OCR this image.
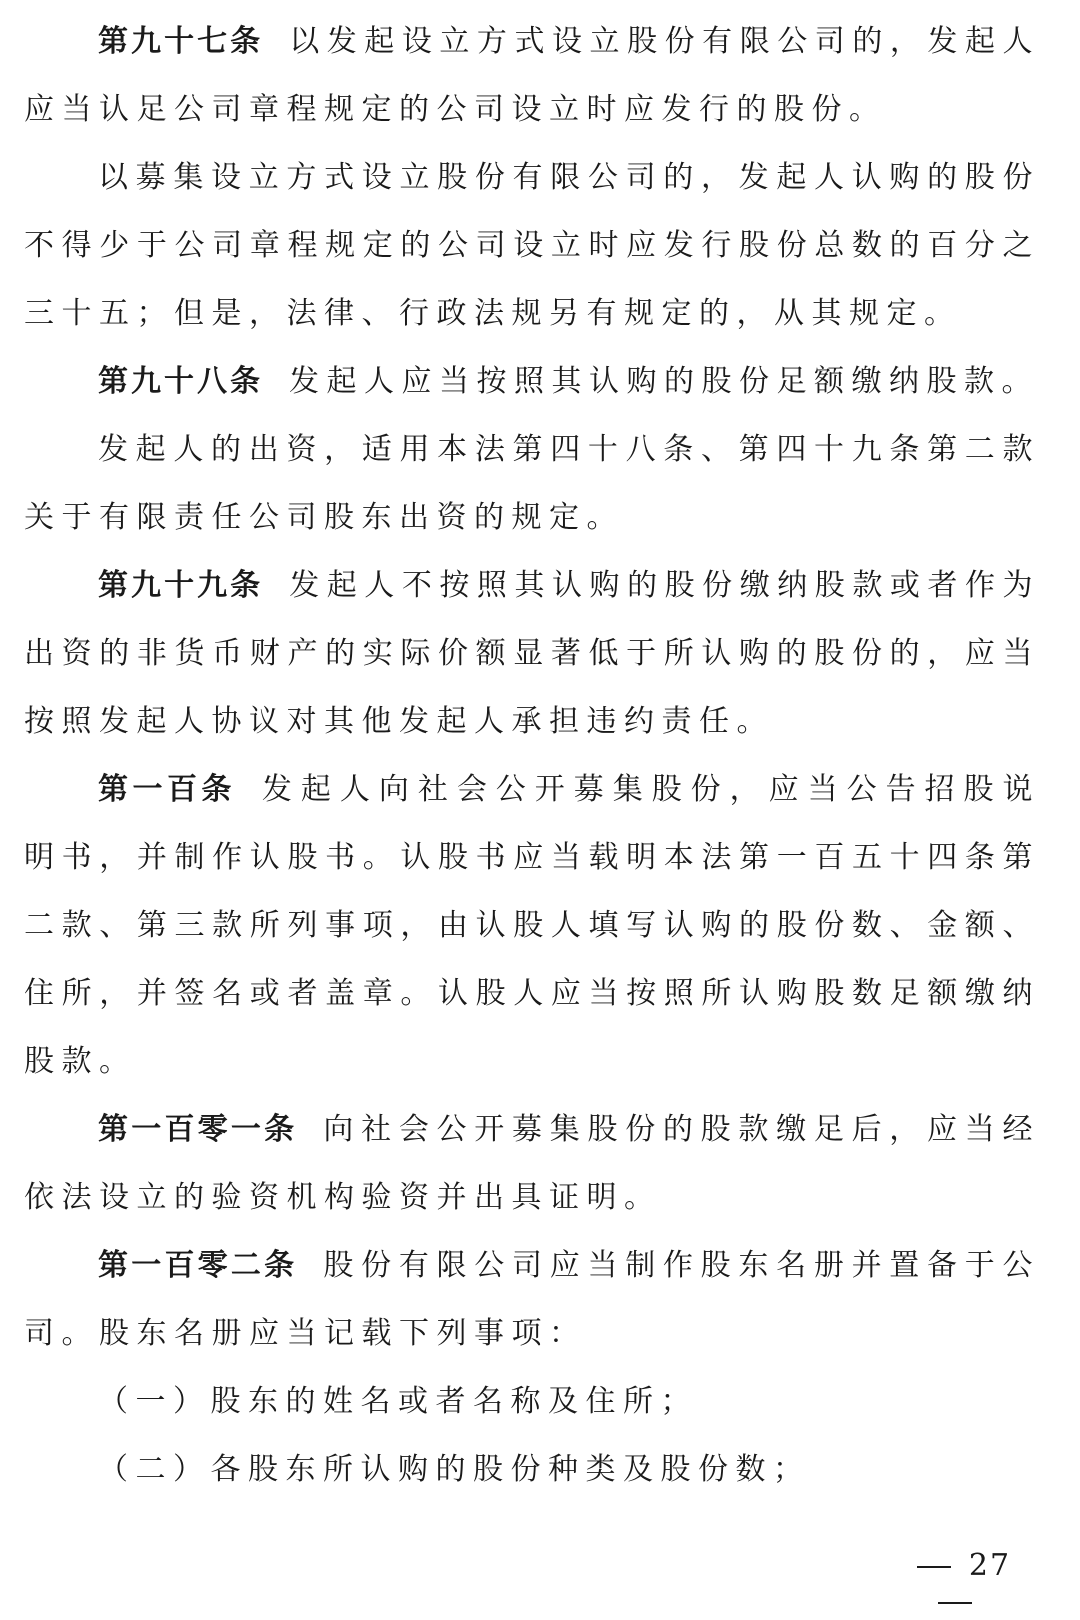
第九十七条 以发起设立方式设立股份有限公司的，发起人应当认足公司章程规定的公司设立时应发行的股份。

以募集设立方式设立股份有限公司的，发起人认购的股份不得少于公司章程规定的公司设立时应发行股份总数的百分之三十五；但是，法律、行政法规另有规定的，从其规定。

第九十八条 发起人应当按照其认购的股份足额缴纳股款。

发起人的出资，适用本法第四十八条、第四十九条第二款关于有限责任公司股东出资的规定。

第九十九条 发起人不按照其认购的股份缴纳股款或者作为出资的非货币财产的实际价额显著低于所认购的股份的，应当按照发起人协议对其他发起人承担违约责任。

第一百条 发起人向社会公开募集股份，应当公告招股说明书，并制作认股书。认股书应当载明本法第一百五十四条第二款、第三款所列事项，由认股人填写认购的股份数、金额、住所，并签名或者盖章。认股人应当按照所认购股数足额缴纳股款。

第一百零一条 向社会公开募集股份的股款缴足后，应当经依法设立的验资机构验资并出具证明。

第一百零二条 股份有限公司应当制作股东名册并置备于公司。股东名册应当记载下列事项：

（一）股东的姓名或者名称及住所；

（二）各股东所认购的股份种类及股份数；

27
